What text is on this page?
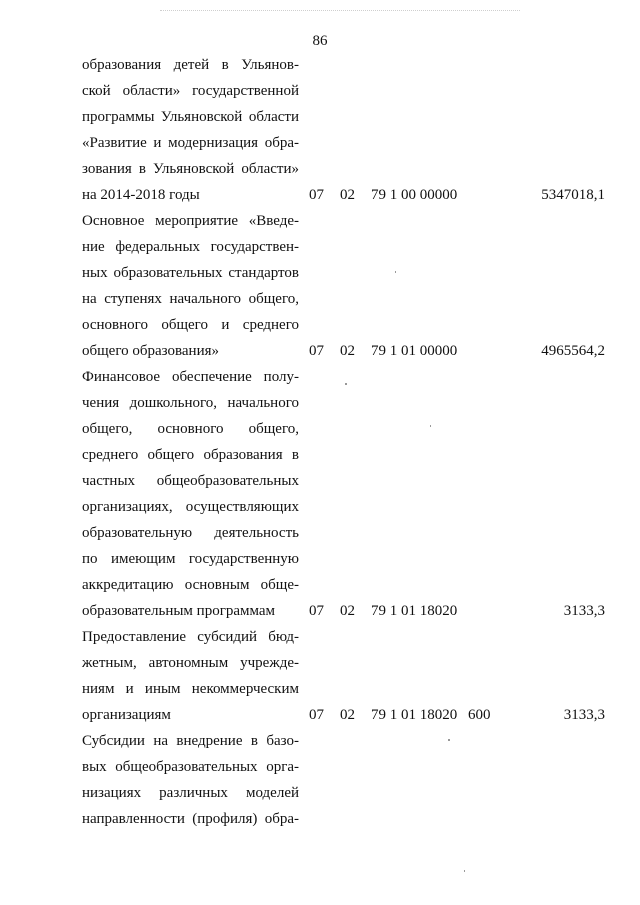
86
образования детей в Ульянов-
ской области» государственной
программы Ульяновской области
«Развитие и модернизация обра-
зования в Ульяновской области»
на 2014-2018 годы	07 02 79 1 00 00000	5347018,1
Основное мероприятие «Введе-
ние федеральных государствен-
ных образовательных стандартов
на ступенях начального общего,
основного общего и среднего
общего образования»	07 02 79 1 01 00000	4965564,2
Финансовое обеспечение полу-
чения дошкольного, начального
общего, основного общего,
среднего общего образования в
частных общеобразовательных
организациях, осуществляющих
образовательную деятельность
по имеющим государственную
аккредитацию основным обще-
образовательным программам	07 02 79 1 01 18020	3133,3
Предоставление субсидий бюд-
жетным, автономным учрежде-
ниям и иным некоммерческим
организациям	07 02 79 1 01 18020 600	3133,3
Субсидии на внедрение в базо-
вых общеобразовательных орга-
низациях различных моделей
направленности (профиля) обра-
